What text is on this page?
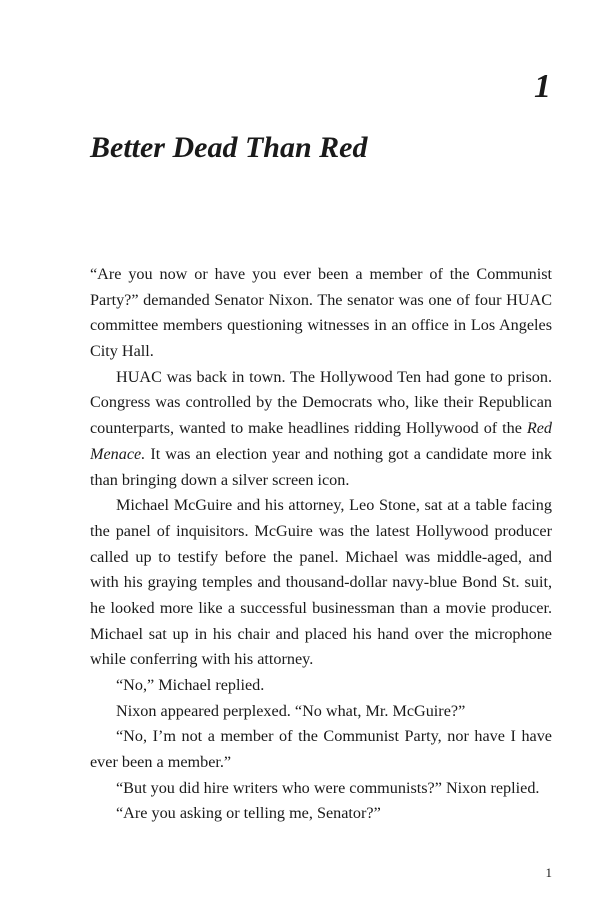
1
Better Dead Than Red
“Are you now or have you ever been a member of the Communist
Party?” demanded Senator Nixon. The senator was one of four HUAC
committee members questioning witnesses in an office in Los Angeles
City Hall.
HUAC was back in town. The Hollywood Ten had gone to prison.
Congress was controlled by the Democrats who, like their Republican
counterparts, wanted to make headlines ridding Hollywood of the Red
Menace. It was an election year and nothing got a candidate more ink
than bringing down a silver screen icon.
Michael McGuire and his attorney, Leo Stone, sat at a table facing
the panel of inquisitors. McGuire was the latest Hollywood producer
called up to testify before the panel. Michael was middle-aged, and
with his graying temples and thousand-dollar navy-blue Bond St. suit,
he looked more like a successful businessman than a movie producer.
Michael sat up in his chair and placed his hand over the microphone
while conferring with his attorney.
“No,” Michael replied.
Nixon appeared perplexed. “No what, Mr. McGuire?”
“No, I’m not a member of the Communist Party, nor have I have
ever been a member.”
“But you did hire writers who were communists?” Nixon replied.
“Are you asking or telling me, Senator?”
1
